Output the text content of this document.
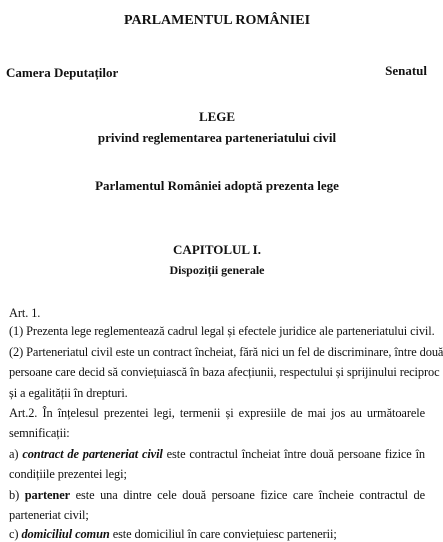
PARLAMENTUL ROMÂNIEI
Camera Deputaților	Senatul
LEGE
privind reglementarea parteneriatului civil
Parlamentul României adoptă prezenta lege
CAPITOLUL I.
Dispoziții generale
Art. 1.
(1) Prezenta lege reglementează cadrul legal și efectele juridice ale parteneriatului civil.
(2) Parteneriatul civil este un contract încheiat, fără nici un fel de discriminare, între două
persoane care decid să conviețuiască în baza afecțiunii, respectului și sprijinului reciproc
și a egalității în drepturi.
Art.2. În înțelesul prezentei legi, termenii și expresiile de mai jos au următoarele
semnificații:
a) contract de parteneriat civil este contractul încheiat între două persoane fizice în
condițiile prezentei legi;
b) partener este una dintre cele două persoane fizice care încheie contractul de
parteneriat civil;
c) domiciliul comun este domiciliul în care conviețuiesc partenerii;
